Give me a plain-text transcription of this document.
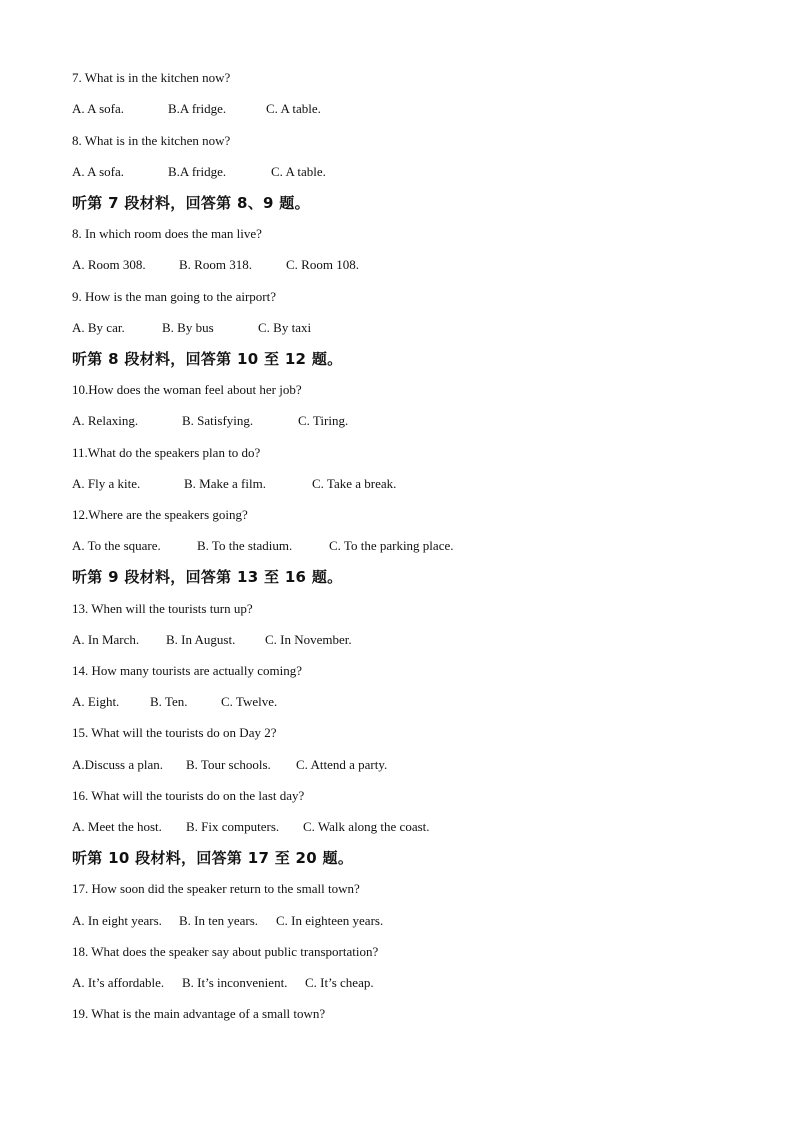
7. What is in the kitchen now?
A. A sofa.	B.A fridge.	C. A table.
8. What is in the kitchen now?
A. A sofa.	B.A fridge.	C. A table.
听第 7 段材料，回答第 8、9 题。
8. In which room does the man live?
A. Room 308.	B. Room 318.	C. Room 108.
9. How is the man going to the airport?
A. By car.	B. By bus	C. By taxi
听第 8 段材料，回答第 10 至 12 题。
10.How does the woman feel about her job?
A. Relaxing.	B. Satisfying.	C. Tiring.
11.What do the speakers plan to do?
A. Fly a kite.	B. Make a film.	C. Take a break.
12.Where are the speakers going?
A. To the square.	B. To the stadium.	C. To the parking place.
听第 9 段材料，回答第 13 至 16 题。
13. When will the tourists turn up?
A. In March. B. In August. C. In November.
14. How many tourists are actually coming?
A. Eight. B. Ten.	C. Twelve.
15. What will the tourists do on Day 2?
A.Discuss a plan. B. Tour schools. C. Attend a party.
16. What will the tourists do on the last day?
A. Meet the host. B. Fix computers. C. Walk along the coast.
听第 10 段材料，回答第 17 至 20 题。
17. How soon did the speaker return to the small town?
A. In eight years. B. In ten years. C. In eighteen years.
18. What does the speaker say about public transportation?
A. It’s affordable. B. It’s inconvenient. C. It’s cheap.
19. What is the main advantage of a small town?
